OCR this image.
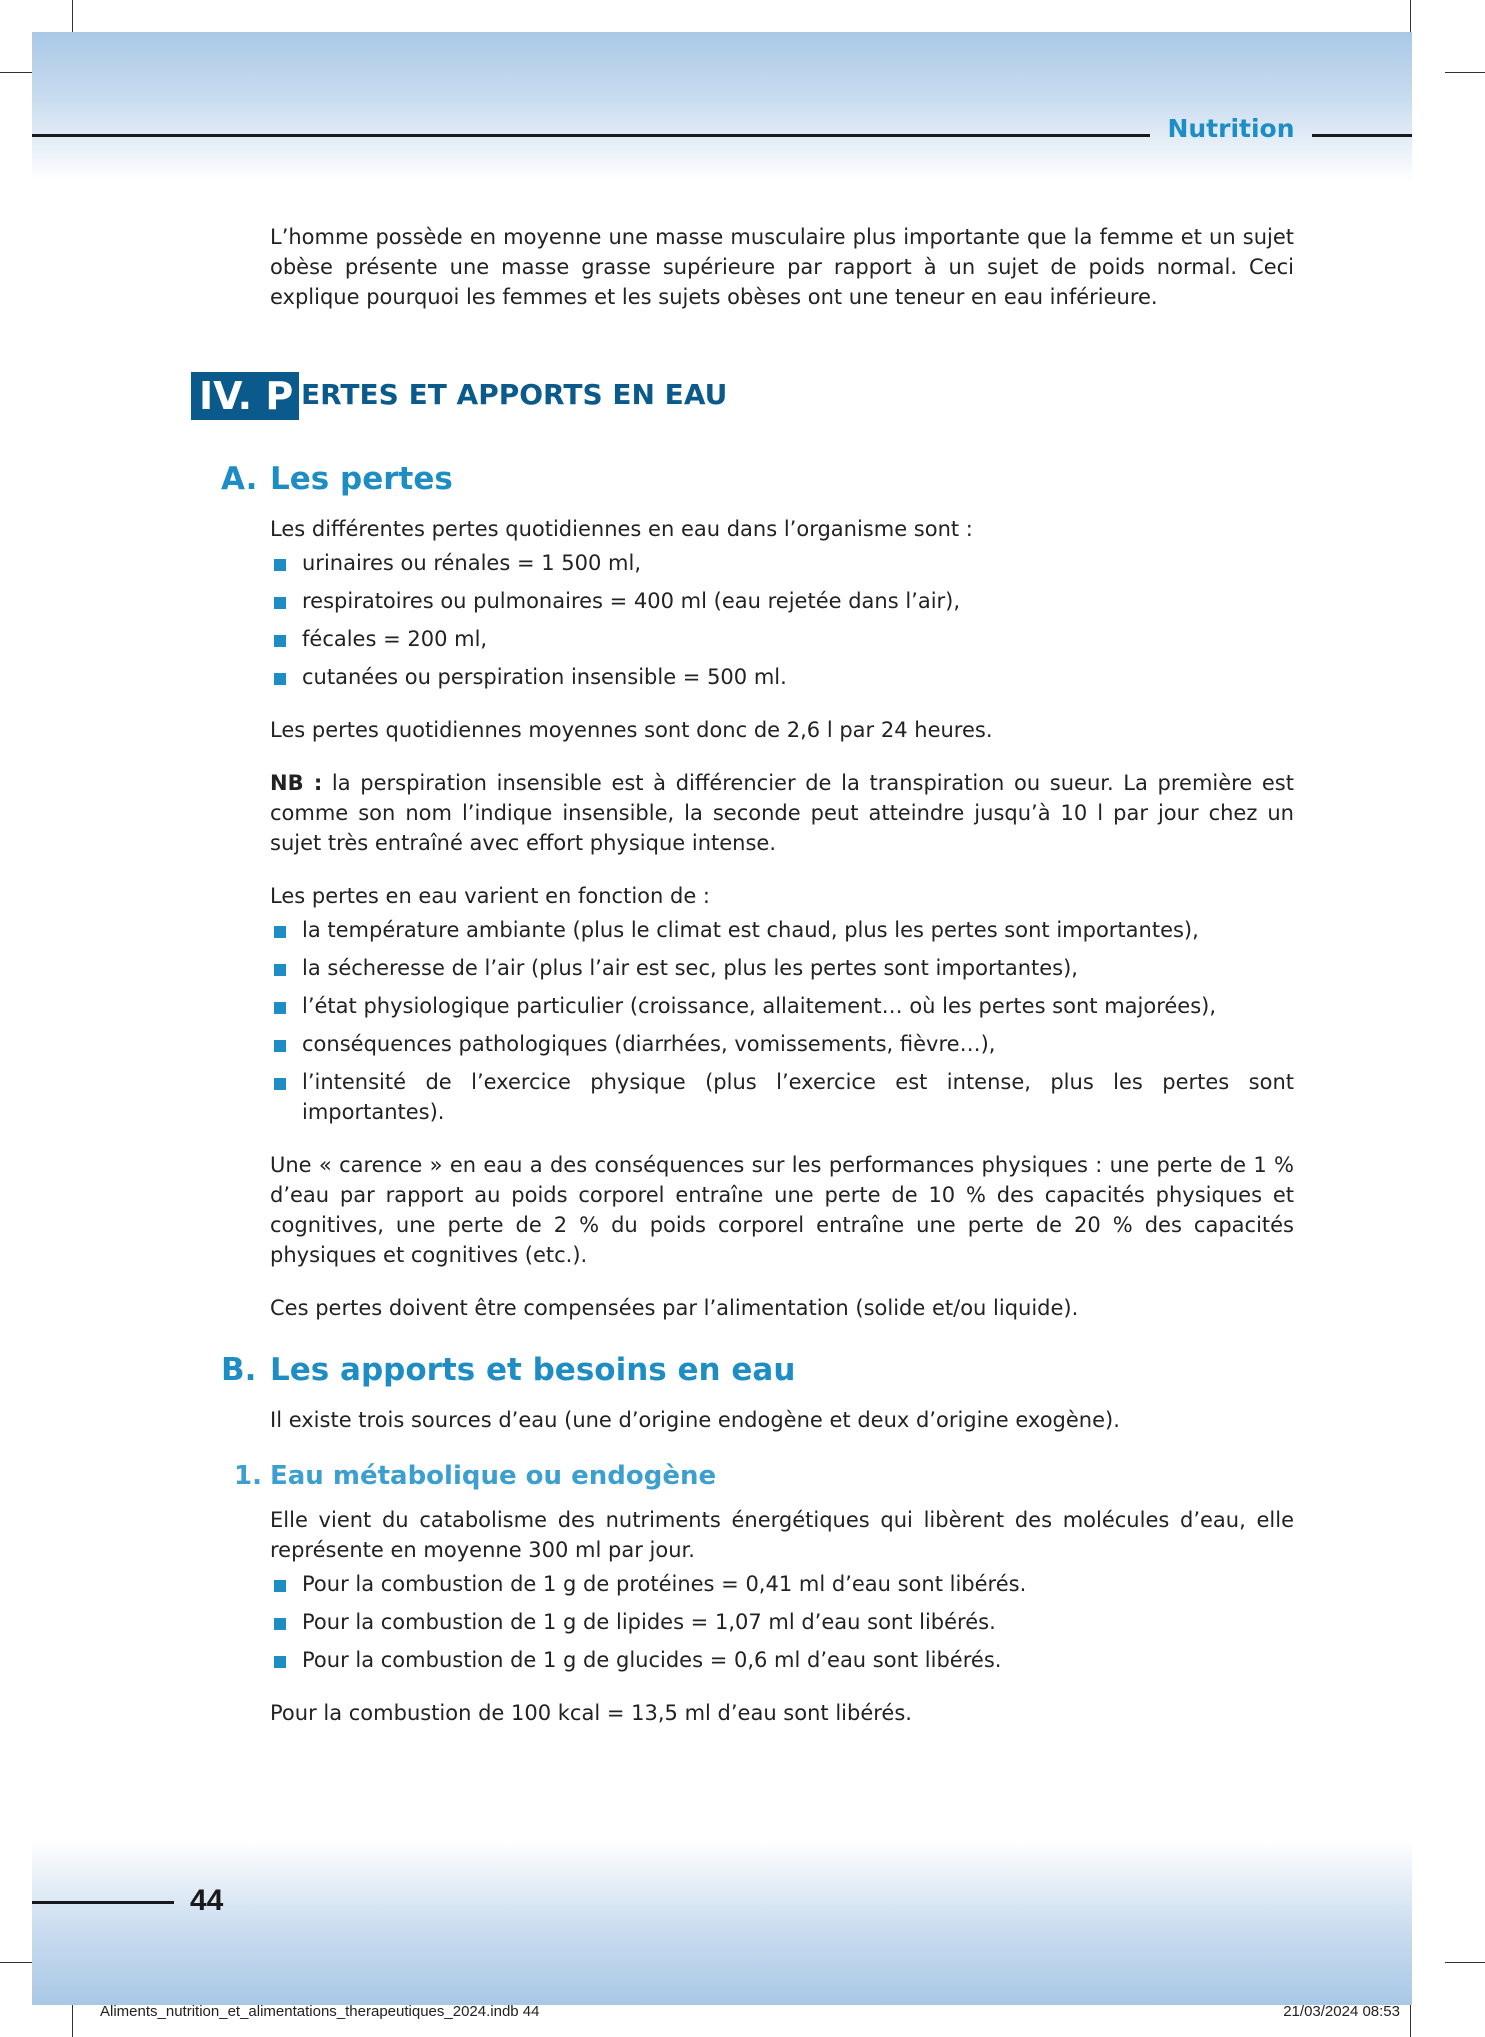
Nutrition

L’homme possède en moyenne une masse musculaire plus importante que la femme et un sujet obèse présente une masse grasse supérieure par rapport à un sujet de poids normal. Ceci explique pourquoi les femmes et les sujets obèses ont une teneur en eau inférieure.

IV. P ERTES ET APPORTS EN EAU
A. Les pertes

Les différentes pertes quotidiennes en eau dans l’organisme sont :

urinaires ou rénales = 1 500 ml,
respiratoires ou pulmonaires = 400 ml (eau rejetée dans l’air),
fécales = 200 ml,
cutanées ou perspiration insensible = 500 ml.

Les pertes quotidiennes moyennes sont donc de 2,6 l par 24 heures.

NB : la perspiration insensible est à différencier de la transpiration ou sueur. La première est comme son nom l’indique insensible, la seconde peut atteindre jusqu’à 10 l par jour chez un sujet très entraîné avec effort physique intense.

Les pertes en eau varient en fonction de :

la température ambiante (plus le climat est chaud, plus les pertes sont importantes),
la sécheresse de l’air (plus l’air est sec, plus les pertes sont importantes),
l’état physiologique particulier (croissance, allaitement… où les pertes sont majorées),
conséquences pathologiques (diarrhées, vomissements, fièvre…),
l’intensité de l’exercice physique (plus l’exercice est intense, plus les pertes sont importantes).

Une « carence » en eau a des conséquences sur les performances physiques : une perte de 1 % d’eau par rapport au poids corporel entraîne une perte de 10 % des capacités physiques et cognitives, une perte de 2 % du poids corporel entraîne une perte de 20 % des capacités physiques et cognitives (etc.).

Ces pertes doivent être compensées par l’alimentation (solide et/ou liquide).

B. Les apports et besoins en eau

Il existe trois sources d’eau (une d’origine endogène et deux d’origine exogène).

1. Eau métabolique ou endogène

Elle vient du catabolisme des nutriments énergétiques qui libèrent des molécules d’eau, elle représente en moyenne 300 ml par jour.

Pour la combustion de 1 g de protéines = 0,41 ml d’eau sont libérés.
Pour la combustion de 1 g de lipides = 1,07 ml d’eau sont libérés.
Pour la combustion de 1 g de glucides = 0,6 ml d’eau sont libérés.

Pour la combustion de 100 kcal = 13,5 ml d’eau sont libérés.

44
Aliments_nutrition_et_alimentations_therapeutiques_2024.indb 44	21/03/2024 08:53
